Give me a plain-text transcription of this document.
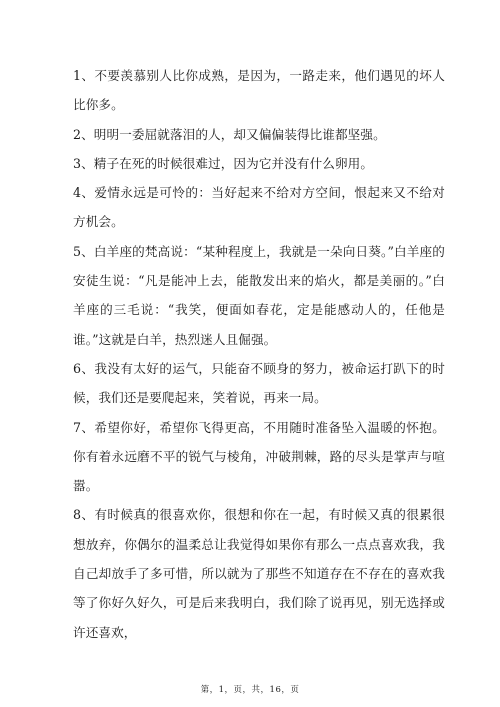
1、不要羡慕别人比你成熟，是因为，一路走来，他们遇见的坏人比你多。

2、明明一委屈就落泪的人，却又偏偏装得比谁都坚强。

3、精子在死的时候很难过，因为它并没有什么卵用。

4、爱情永远是可怜的：当好起来不给对方空间，恨起来又不给对方机会。

5、白羊座的梵高说：“某种程度上，我就是一朵向日葵。”白羊座的安徒生说：“凡是能冲上去，能散发出来的焰火，都是美丽的。”白羊座的三毛说：“我笑，便面如春花，定是能感动人的，任他是谁。”这就是白羊，热烈迷人且倔强。

6、我没有太好的运气，只能奋不顾身的努力，被命运打趴下的时候，我们还是要爬起来，笑着说，再来一局。

7、希望你好，希望你飞得更高，不用随时准备坠入温暖的怀抱。你有着永远磨不平的锐气与棱角，冲破荆棘，路的尽头是掌声与喧嚣。

8、有时候真的很喜欢你，很想和你在一起，有时候又真的很累很想放弃，你偶尔的温柔总让我觉得如果你有那么一点点喜欢我，我自己却放手了多可惜，所以就为了那些不知道存在不存在的喜欢我等了你好久好久，可是后来我明白，我们除了说再见，别无选择或许还喜欢，

第，1，页，共，16，页
